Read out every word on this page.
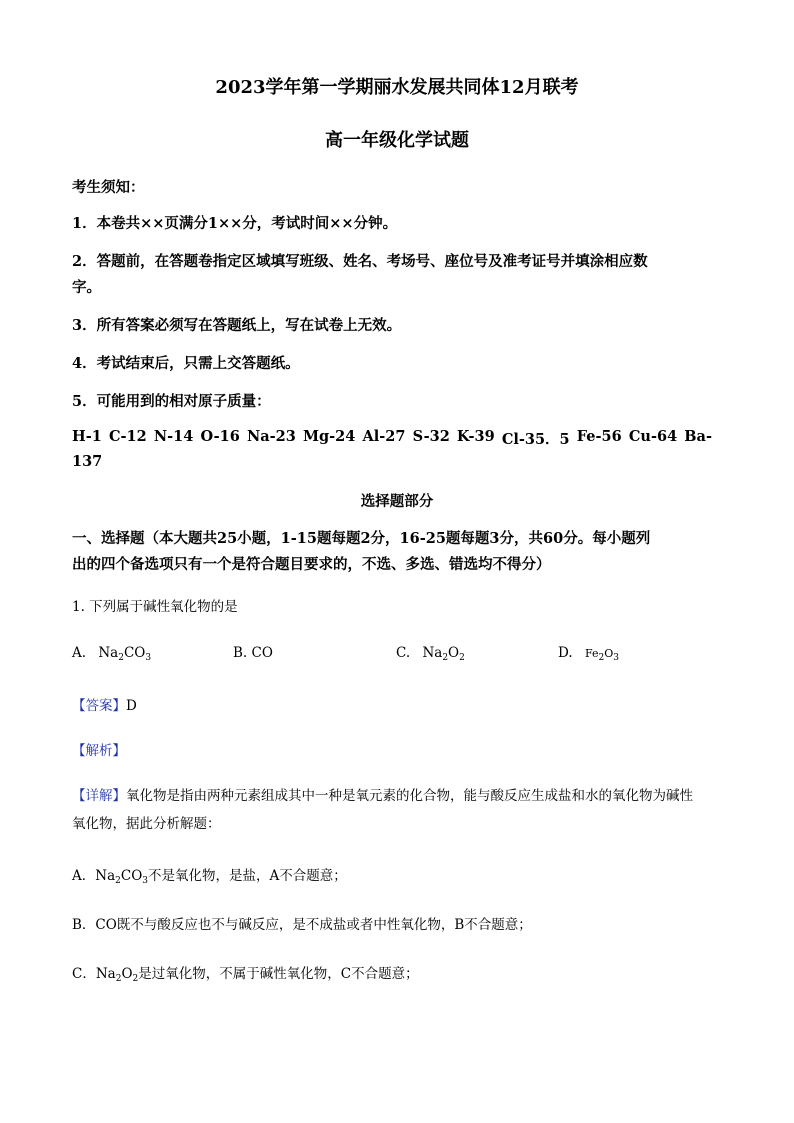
2023学年第一学期丽水发展共同体12月联考
高一年级化学试题
考生须知：
1．本卷共××页满分1××分，考试时间××分钟。
2．答题前，在答题卷指定区域填写班级、姓名、考场号、座位号及准考证号并填涂相应数
字。
3．所有答案必须写在答题纸上，写在试卷上无效。
4．考试结束后，只需上交答题纸。
5．可能用到的相对原子质量：
H-1 C-12 N-14 O-16 Na-23 Mg-24 Al-27 S-32 K-39 Cl-35．5 Fe-56 Cu-64 Ba-
137
选择题部分
一、选择题（本大题共25小题，1-15题每题2分，16-25题每题3分，共60分。每小题列
出的四个备选项只有一个是符合题目要求的，不选、多选、错选均不得分）
1. 下列属于碱性氧化物的是
A. $Na_2CO_3$	B. CO	C. $Na_2O_2$	D. $Fe_2O_3$
【答案】D
【解析】
【详解】氧化物是指由两种元素组成其中一种是氧元素的化合物，能与酸反应生成盐和水的氧化物为碱性
氧化物，据此分析解题：
A．$Na_2CO_3$不是氧化物，是盐，A不合题意；
B．CO既不与酸反应也不与碱反应，是不成盐或者中性氧化物，B不合题意；
C．$Na_2O_2$是过氧化物，不属于碱性氧化物，C不合题意；
